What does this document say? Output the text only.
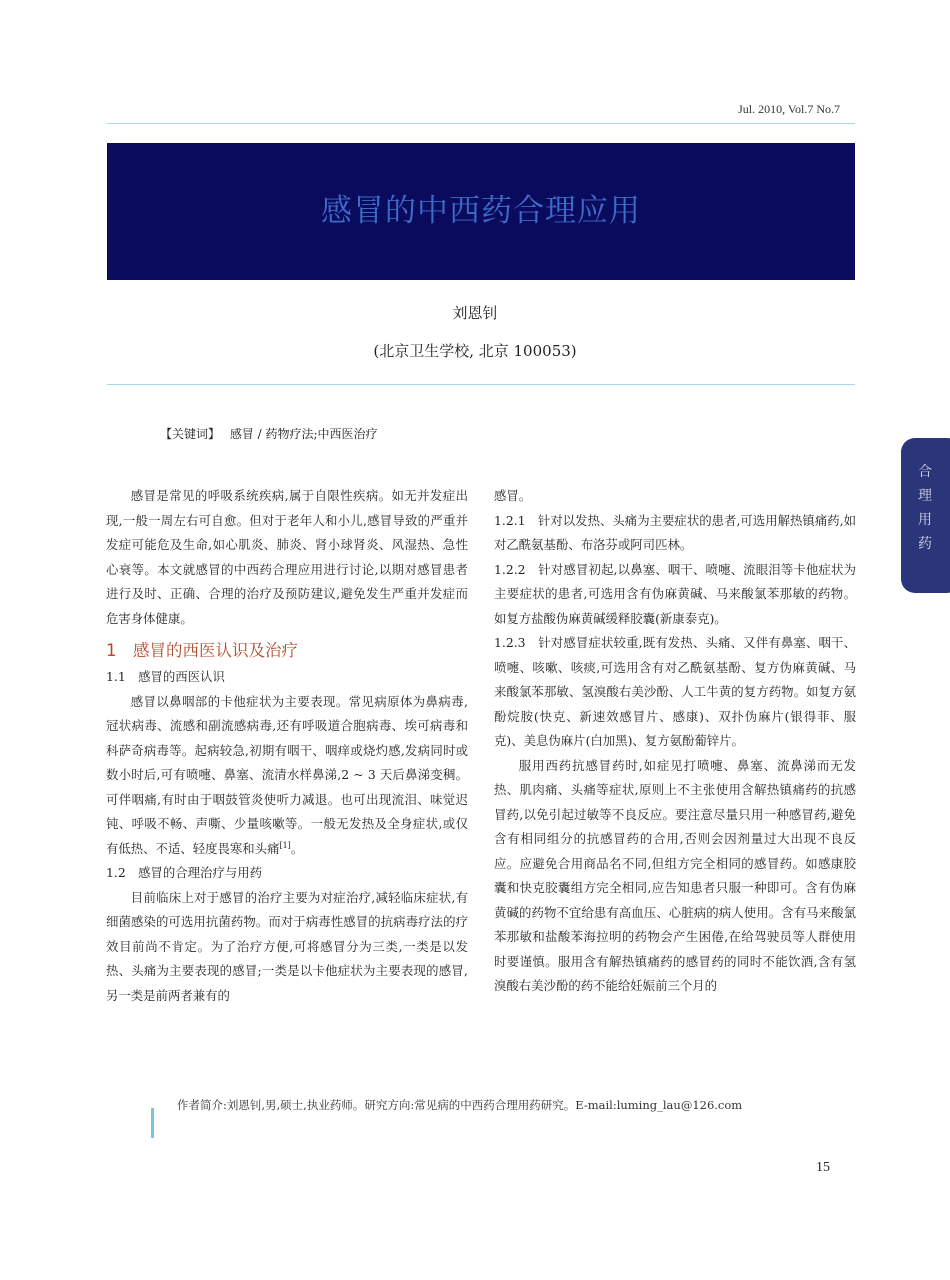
Jul. 2010, Vol.7 No.7
感冒的中西药合理应用
刘恩钊
(北京卫生学校, 北京 100053)
【关键词】 感冒 / 药物疗法;中西医治疗
合理用药

感冒是常见的呼吸系统疾病,属于自限性疾病。如无并发症出现,一般一周左右可自愈。但对于老年人和小儿,感冒导致的严重并发症可能危及生命,如心肌炎、肺炎、肾小球肾炎、风湿热、急性心衰等。本文就感冒的中西药合理应用进行讨论,以期对感冒患者进行及时、正确、合理的治疗及预防建议,避免发生严重并发症而危害身体健康。

1　感冒的西医认识及治疗
1.1　感冒的西医认识

感冒以鼻咽部的卡他症状为主要表现。常见病原体为鼻病毒,冠状病毒、流感和副流感病毒,还有呼吸道合胞病毒、埃可病毒和科萨奇病毒等。起病较急,初期有咽干、咽痒或烧灼感,发病同时或数小时后,可有喷嚏、鼻塞、流清水样鼻涕,2 ~ 3 天后鼻涕变稠。可伴咽痛,有时由于咽鼓管炎使听力减退。也可出现流泪、味觉迟钝、呼吸不畅、声嘶、少量咳嗽等。一般无发热及全身症状,或仅有低热、不适、轻度畏寒和头痛[1]。

1.2　感冒的合理治疗与用药

目前临床上对于感冒的治疗主要为对症治疗,减轻临床症状,有细菌感染的可选用抗菌药物。而对于病毒性感冒的抗病毒疗法的疗效目前尚不肯定。为了治疗方便,可将感冒分为三类,一类是以发热、头痛为主要表现的感冒;一类是以卡他症状为主要表现的感冒,另一类是前两者兼有的

感冒。

1.2.1　针对以发热、头痛为主要症状的患者,可选用解热镇痛药,如对乙酰氨基酚、布洛芬或阿司匹林。

1.2.2　针对感冒初起,以鼻塞、咽干、喷嚏、流眼泪等卡他症状为主要症状的患者,可选用含有伪麻黄碱、马来酸氯苯那敏的药物。如复方盐酸伪麻黄碱缓释胶囊(新康泰克)。

1.2.3　针对感冒症状较重,既有发热、头痛、又伴有鼻塞、咽干、喷嚏、咳嗽、咳痰,可选用含有对乙酰氨基酚、复方伪麻黄碱、马来酸氯苯那敏、氢溴酸右美沙酚、人工牛黄的复方药物。如复方氨酚烷胺(快克、新速效感冒片、感康)、双扑伪麻片(银得菲、服克)、美息伪麻片(白加黑)、复方氨酚葡锌片。

服用西药抗感冒药时,如症见打喷嚏、鼻塞、流鼻涕而无发热、肌肉痛、头痛等症状,原则上不主张使用含解热镇痛药的抗感冒药,以免引起过敏等不良反应。要注意尽量只用一种感冒药,避免含有相同组分的抗感冒药的合用,否则会因剂量过大出现不良反应。应避免合用商品名不同,但组方完全相同的感冒药。如感康胶囊和快克胶囊组方完全相同,应告知患者只服一种即可。含有伪麻黄碱的药物不宜给患有高血压、心脏病的病人使用。含有马来酸氯苯那敏和盐酸苯海拉明的药物会产生困倦,在给驾驶员等人群使用时要谨慎。服用含有解热镇痛药的感冒药的同时不能饮酒,含有氢溴酸右美沙酚的药不能给妊娠前三个月的

作者简介:刘恩钊,男,硕士,执业药师。研究方向:常见病的中西药合理用药研究。E-mail:luming_lau@126.com
15
